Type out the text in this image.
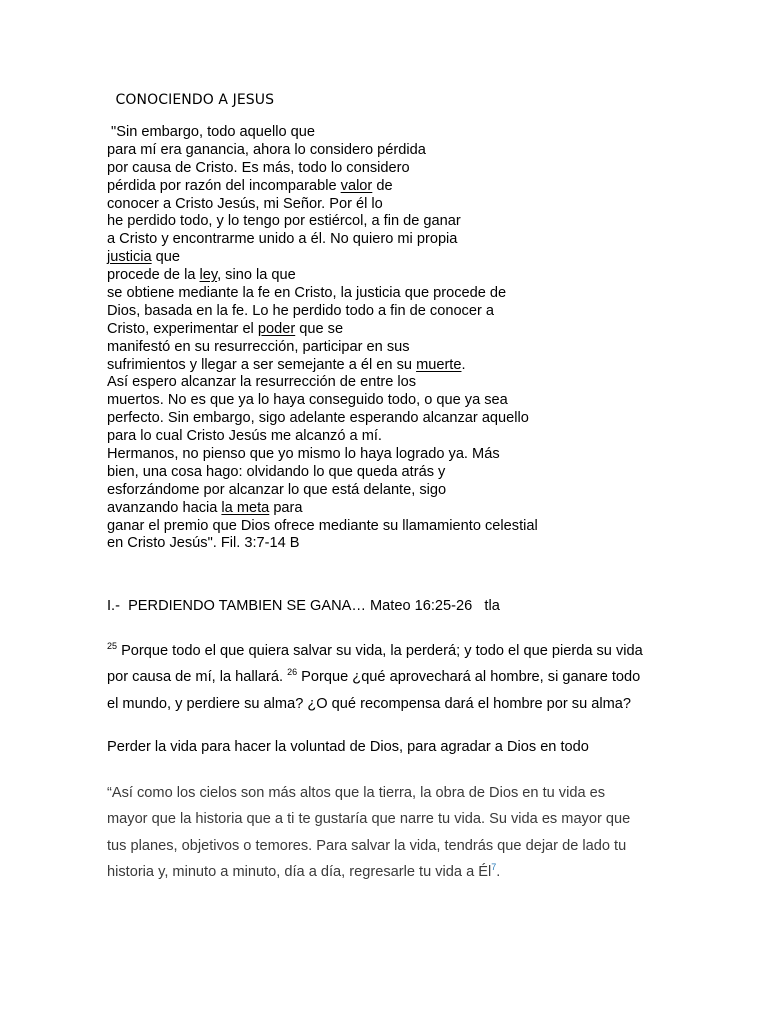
CONOCIENDO A JESUS
"Sin embargo, todo aquello que
para mí era ganancia, ahora lo considero pérdida
por causa de Cristo. Es más, todo lo considero
pérdida por razón del incomparable valor de
conocer a Cristo Jesús, mi Señor. Por él lo
he perdido todo, y lo tengo por estiércol, a fin de ganar
a Cristo y encontrarme unido a él. No quiero mi propia
justicia que
procede de la ley, sino la que
se obtiene mediante la fe en Cristo, la justicia que procede de
Dios, basada en la fe. Lo he perdido todo a fin de conocer a
Cristo, experimentar el poder que se
manifestó en su resurrección, participar en sus
sufrimientos y llegar a ser semejante a él en su muerte.
Así espero alcanzar la resurrección de entre los
muertos. No es que ya lo haya conseguido todo, o que ya sea
perfecto. Sin embargo, sigo adelante esperando alcanzar aquello
para lo cual Cristo Jesús me alcanzó a mí.
Hermanos, no pienso que yo mismo lo haya logrado ya. Más
bien, una cosa hago: olvidando lo que queda atrás y
esforzándome por alcanzar lo que está delante, sigo
avanzando hacia la meta para
ganar el premio que Dios ofrece mediante su llamamiento celestial
en Cristo Jesús". Fil. 3:7-14 B
I.-  PERDIENDO TAMBIEN SE GANA… Mateo 16:25-26   tla
$^{25}$ Porque todo el que quiera salvar su vida, la perderá; y todo el que pierda su vida
por causa de mí, la hallará. $^{26}$ Porque ¿qué aprovechará al hombre, si ganare todo
el mundo, y perdiere su alma? ¿O qué recompensa dará el hombre por su alma?
Perder la vida para hacer la voluntad de Dios, para agradar a Dios en todo
“Así como los cielos son más altos que la tierra, la obra de Dios en tu vida es
mayor que la historia que a ti te gustaría que narre tu vida. Su vida es mayor que
tus planes, objetivos o temores. Para salvar la vida, tendrás que dejar de lado tu
historia y, minuto a minuto, día a día, regresarle tu vida a $Él^7$.
